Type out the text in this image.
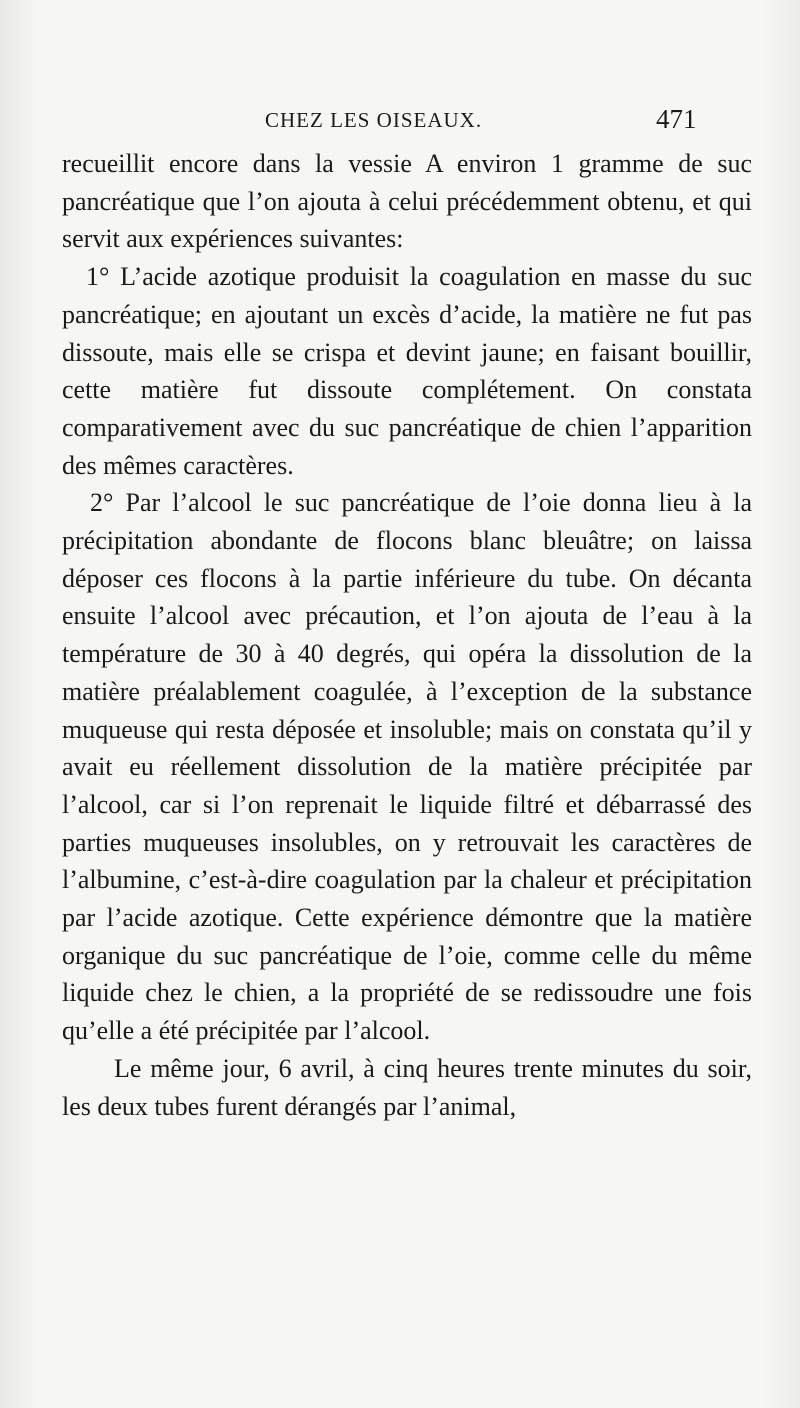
CHEZ LES OISEAUX.	471

recueillit encore dans la vessie A environ 1 gramme de suc pancréatique que l’on ajouta à celui précédemment obtenu, et qui servit aux expériences suivantes:

1° L’acide azotique produisit la coagulation en masse du suc pancréatique; en ajoutant un excès d’acide, la matière ne fut pas dissoute, mais elle se crispa et devint jaune; en faisant bouillir, cette matière fut dissoute complétement. On constata comparativement avec du suc pancréatique de chien l’apparition des mêmes caractères.

2° Par l’alcool le suc pancréatique de l’oie donna lieu à la précipitation abondante de flocons blanc bleuâtre; on laissa déposer ces flocons à la partie inférieure du tube. On décanta ensuite l’alcool avec précaution, et l’on ajouta de l’eau à la température de 30 à 40 degrés, qui opéra la dissolution de la matière préalablement coagulée, à l’exception de la substance muqueuse qui resta déposée et insoluble; mais on constata qu’il y avait eu réellement dissolution de la matière précipitée par l’alcool, car si l’on reprenait le liquide filtré et débarrassé des parties muqueuses insolubles, on y retrouvait les caractères de l’albumine, c’est-à-dire coagulation par la chaleur et précipitation par l’acide azotique. Cette expérience démontre que la matière organique du suc pancréatique de l’oie, comme celle du même liquide chez le chien, a la propriété de se redissoudre une fois qu’elle a été précipitée par l’alcool.

Le même jour, 6 avril, à cinq heures trente minutes du soir, les deux tubes furent dérangés par l’animal,
